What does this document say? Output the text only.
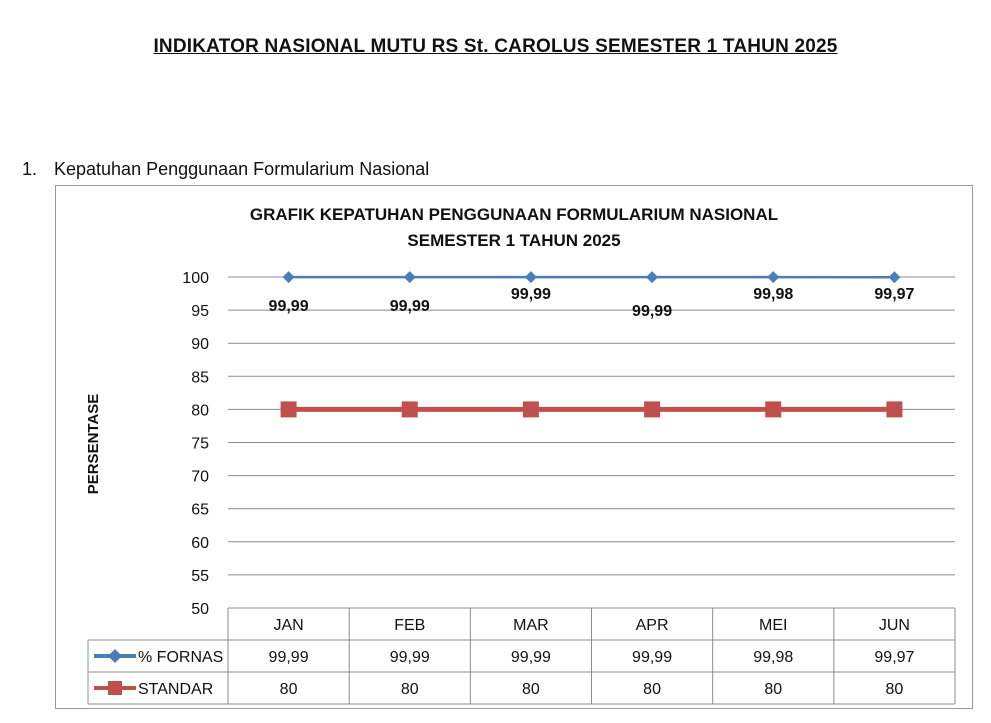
INDIKATOR NASIONAL MUTU RS St. CAROLUS SEMESTER 1 TAHUN 2025
1. Kepatuhan Penggunaan Formularium Nasional
GRAFIK KEPATUHAN PENGGUNAAN FORMULARIUM NASIONAL
SEMESTER 1 TAHUN 2025
50
55
60
65
70
75
80
85
90
95
100
PERSENTASE
JAN	FEB	MAR	APR	MEI	JUN
% FORNAS	99,99	99,99	99,99	99,99	99,98	99,97
STANDAR	80	80	80	80	80	80
99,99	99,99
99,99
99,99
99,98	99,97
